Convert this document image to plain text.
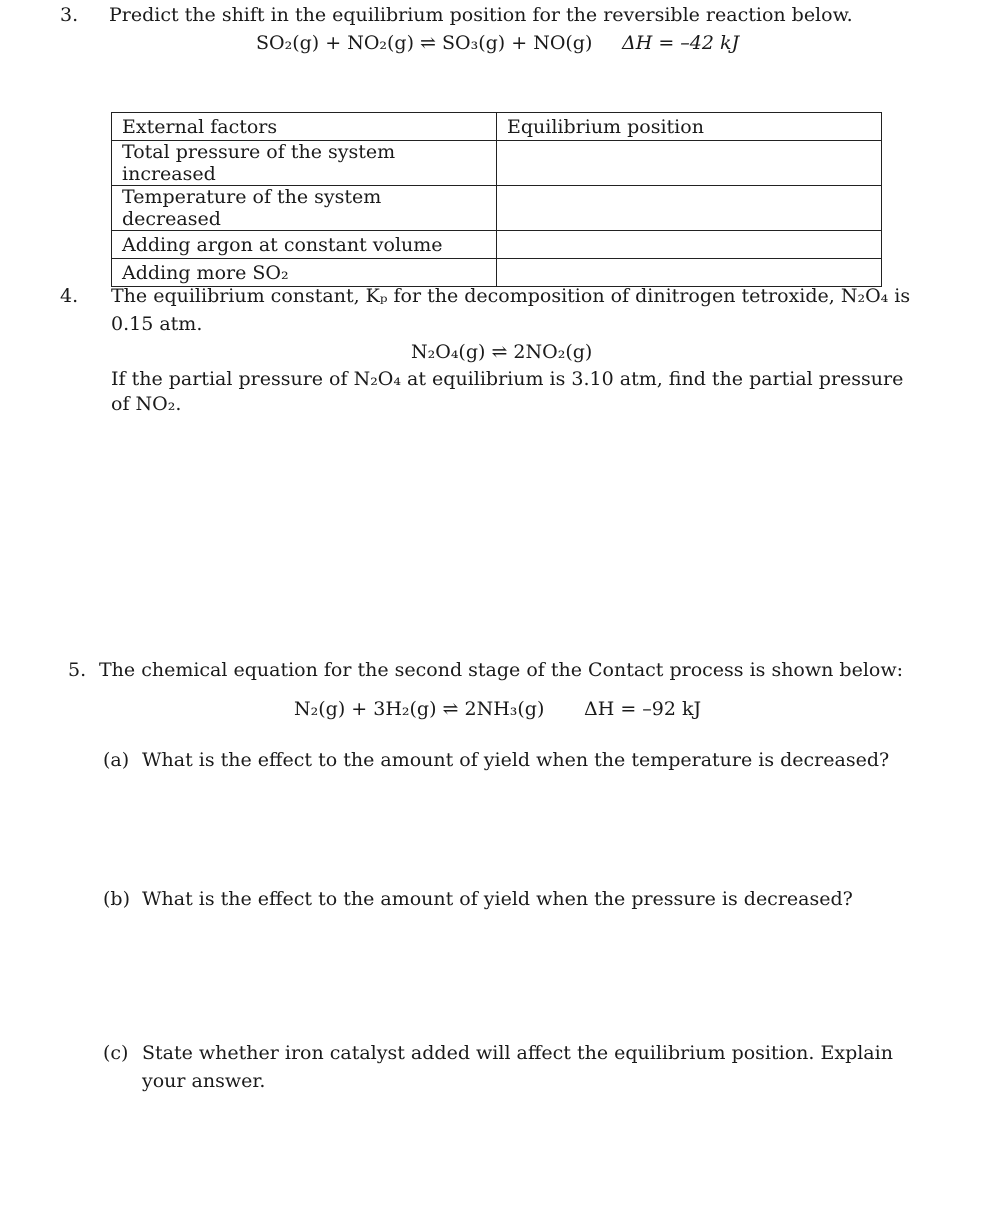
3. Predict the shift in the equilibrium position for the reversible reaction below.
SO₂(g) + NO₂(g) ⇌ SO₃(g) + NO(g) ΔH = –42 kJ
External factors	Equilibrium position
Total pressure of the system increased	
Temperature of the system decreased	
Adding argon at constant volume	
Adding more SO₂	
4. The equilibrium constant, Kₚ for the decomposition of dinitrogen tetroxide, N₂O₄ is
0.15 atm.
N₂O₄(g) ⇌ 2NO₂(g)
If the partial pressure of N₂O₄ at equilibrium is 3.10 atm, find the partial pressure
of NO₂.
5. The chemical equation for the second stage of the Contact process is shown below:
N₂(g) + 3H₂(g) ⇌ 2NH₃(g) ΔH = –92 kJ
(a) What is the effect to the amount of yield when the temperature is decreased?
(b) What is the effect to the amount of yield when the pressure is decreased?
(c) State whether iron catalyst added will affect the equilibrium position. Explain
your answer.
